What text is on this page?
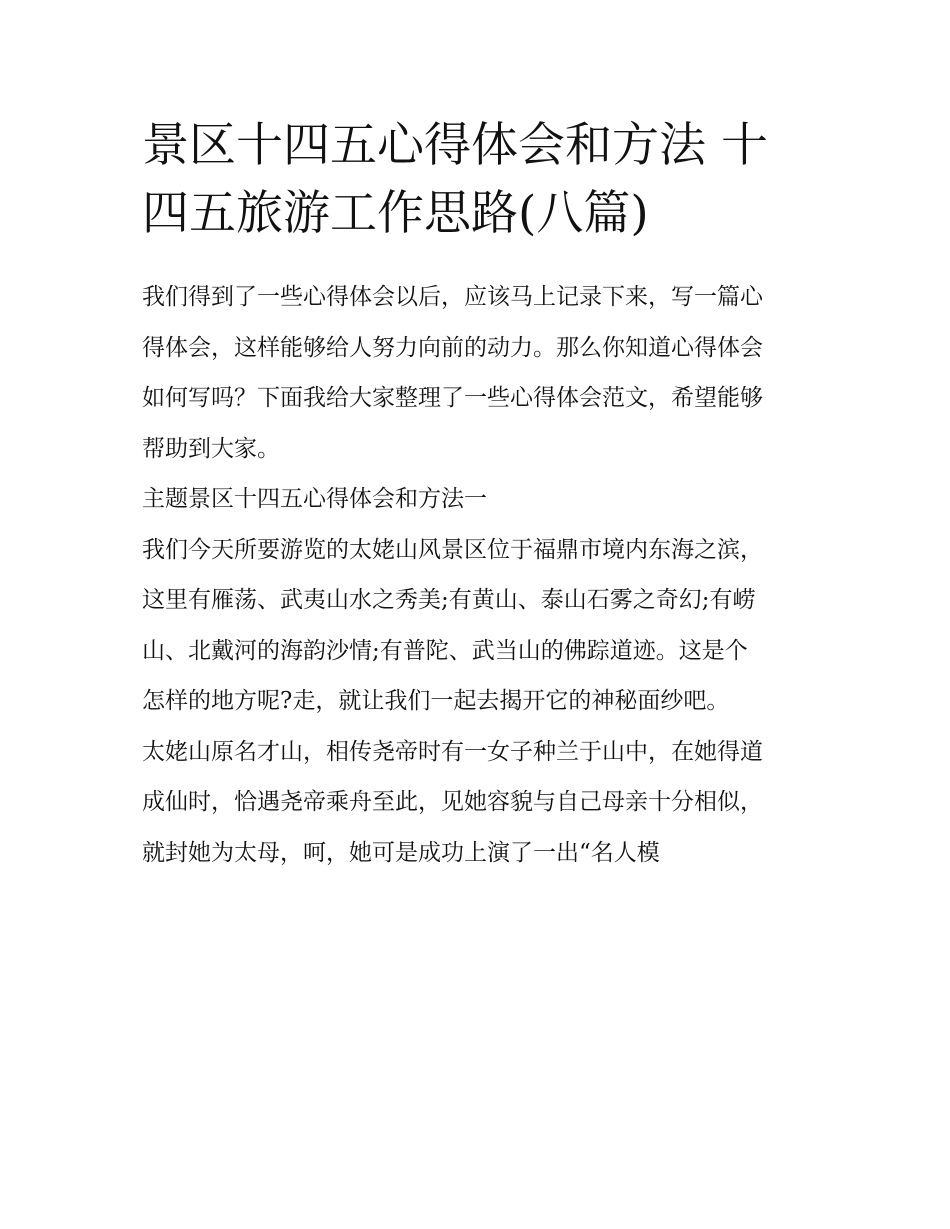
景区十四五心得体会和方法 十
四五旅游工作思路(八篇)

我们得到了一些心得体会以后，应该马上记录下来，写一篇心
得体会，这样能够给人努力向前的动力。那么你知道心得体会
如何写吗？下面我给大家整理了一些心得体会范文，希望能够
帮助到大家。

主题景区十四五心得体会和方法一

我们今天所要游览的太姥山风景区位于福鼎市境内东海之滨，
这里有雁荡、武夷山水之秀美;有黄山、泰山石雾之奇幻;有崂
山、北戴河的海韵沙情;有普陀、武当山的佛踪道迹。这是个
怎样的地方呢?走，就让我们一起去揭开它的神秘面纱吧。

太姥山原名才山，相传尧帝时有一女子种兰于山中，在她得道
成仙时，恰遇尧帝乘舟至此，见她容貌与自己母亲十分相似，
就封她为太母，呵，她可是成功上演了一出“名人模
